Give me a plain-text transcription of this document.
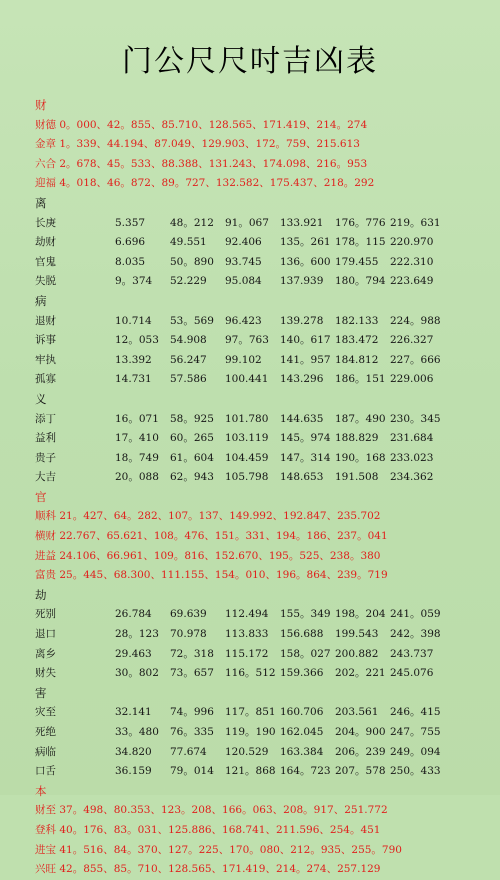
门公尺尺吋吉凶表
财
财德 0。000、42。855、85.710、128.565、171.419、214。274
金章 1。339、44.194、87.049、129.903、172。759、215.613
六合 2。678、45。533、88.388、131.243、174.098、216。953
迎福 4。018、46。872、89。727、132.582、175.437、218。292
离
长庚	5.357	48。212	91。067	133.921	176。776 219。631
劫财	6.696	49.551	92.406	135。261 178。115 220.970
官鬼	8.035	50。890	93.745	136。600 179.455	222.310
失脱	9。374	52.229	95.084	137.939	180。794 223.649
病
退财	10.714	53。569	96.423	139.278	182.133	224。988
诉事	12。053	54.908	97。763	140。617 183.472	226.327
牢执	13.392	56.247	99.102	141。957 184.812	227。666
孤寡	14.731	57.586	100.441	143.296	186。151 229.006
义
添丁	16。071	58。925	101.780	144.635	187。490 230。345
益利	17。410	60。265	103.119	145。974 188.829	231.684
贵子	18。749	61。604	104.459	147。314 190。168 233.023
大吉	20。088	62。943	105.798	148.653	191.508	234.362
官
顺科 21。427、64。282、107。137、149.992、192.847、235.702
横财 22.767、65.621、108。476、151。331、194。186、237。041
进益 24.106、66.961、109。816、152.670、195。525、238。380
富贵 25。445、68.300、111.155、154。010、196。864、239。719
劫
死别	26.784	69.639	112.494	155。349 198。204 241。059
退口	28。123	70.978	113.833	156.688	199.543	242。398
离乡	29.463	72。318	115.172	158。027 200.882	243.737
财失	30。802	73。657	116。512 159.366	202。221 245.076
害
灾至	32.141	74。996	117。851 160.706	203.561	246。415
死绝	33。480	76。335	119。190 162.045	204。900 247。755
病临	34.820	77.674	120.529	163.384	206。239 249。094
口舌	36.159	79。014	121。868 164。723 207。578 250。433
本
财至 37。498、80.353、123。208、166。063、208。917、251.772
登科 40。176、83。031、125.886、168.741、211.596、254。451
进宝 41。516、84。370、127。225、170。080、212。935、255。790
兴旺 42。855、85。710、128.565、171.419、214。274、257.129
